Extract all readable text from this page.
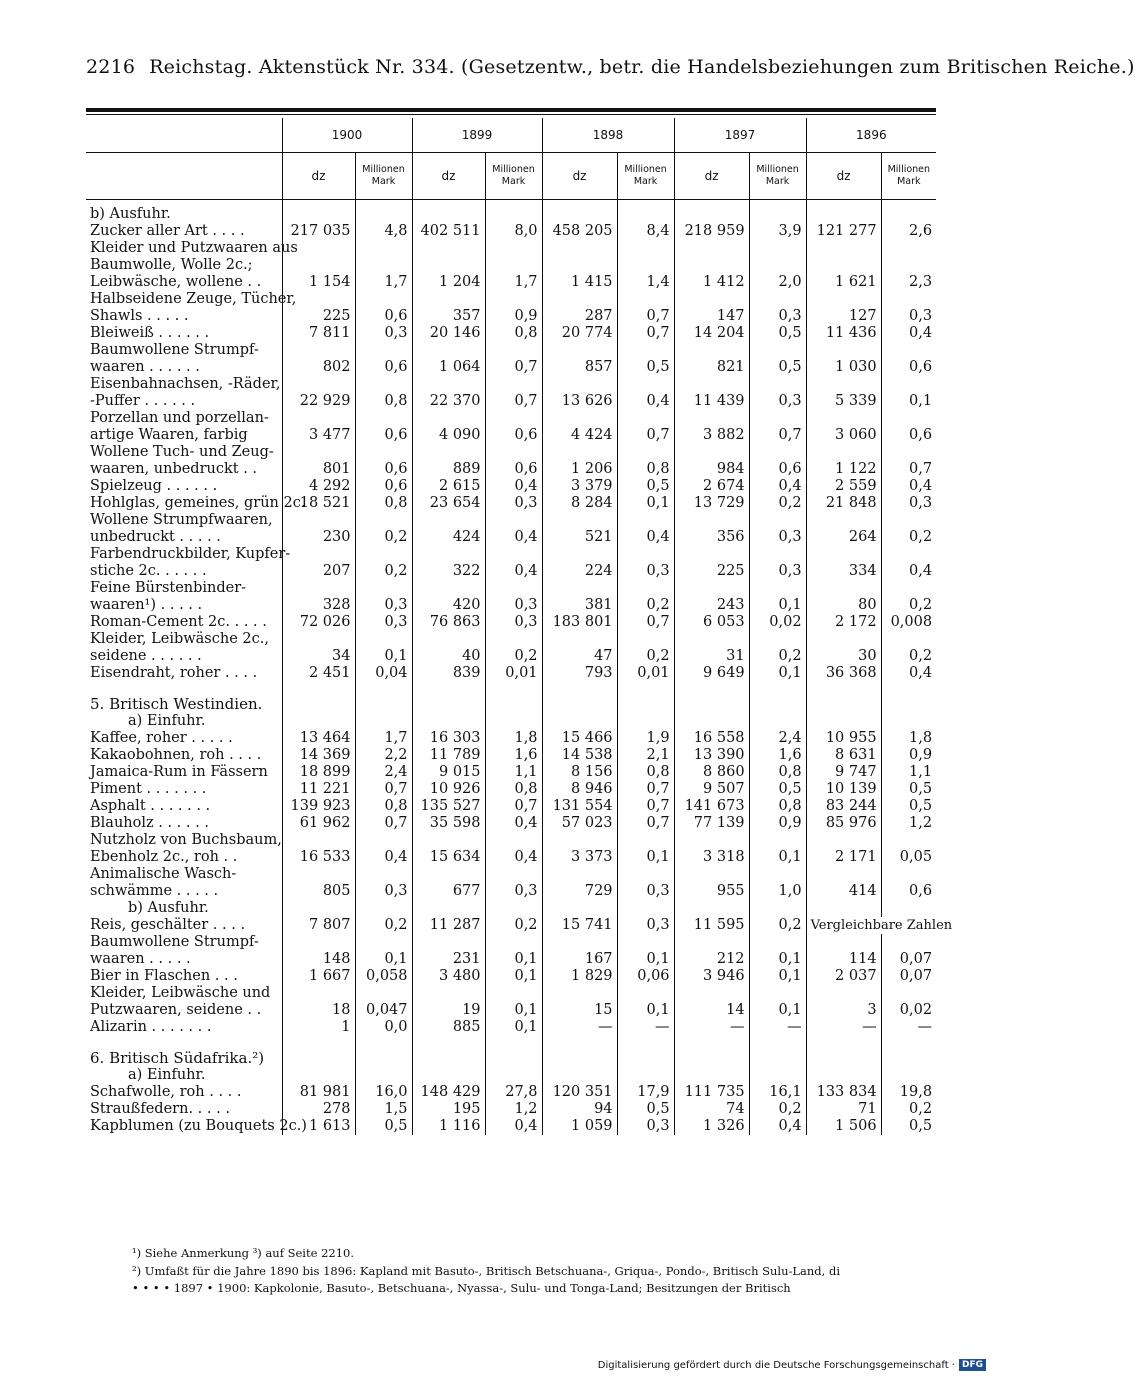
2216 Reichstag. Aktenstück Nr. 334. (Gesetzentw., betr. die Handelsbeziehungen zum Britischen Reiche.)
	1900		1899		1898		1897		1896	
	dz	Millionen Mark	dz	Millionen Mark	dz	Millionen Mark	dz	Millionen Mark	dz	Millionen Mark
b) Ausfuhr.										
Zucker aller Art . . . .	217 035	4,8	402 511	8,0	458 205	8,4	218 959	3,9	121 277	2,6
Kleider und Putzwaaren aus										
Baumwolle, Wolle 2c.;										
Leibwäsche, wollene . .	1 154	1,7	1 204	1,7	1 415	1,4	1 412	2,0	1 621	2,3
Halbseidene Zeuge, Tücher,										
Shawls . . . . .	225	0,6	357	0,9	287	0,7	147	0,3	127	0,3
Bleiweiß . . . . . .	7 811	0,3	20 146	0,8	20 774	0,7	14 204	0,5	11 436	0,4
Baumwollene Strumpf-										
waaren . . . . . .	802	0,6	1 064	0,7	857	0,5	821	0,5	1 030	0,6
Eisenbahnachsen, -Räder,										
-Puffer . . . . . .	22 929	0,8	22 370	0,7	13 626	0,4	11 439	0,3	5 339	0,1
Porzellan und porzellan-										
artige Waaren, farbig	3 477	0,6	4 090	0,6	4 424	0,7	3 882	0,7	3 060	0,6
Wollene Tuch- und Zeug-										
waaren, unbedruckt . .	801	0,6	889	0,6	1 206	0,8	984	0,6	1 122	0,7
Spielzeug . . . . . .	4 292	0,6	2 615	0,4	3 379	0,5	2 674	0,4	2 559	0,4
Hohlglas, gemeines, grün 2c.	18 521	0,8	23 654	0,3	8 284	0,1	13 729	0,2	21 848	0,3
Wollene Strumpfwaaren,										
unbedruckt . . . . .	230	0,2	424	0,4	521	0,4	356	0,3	264	0,2
Farbendruckbilder, Kupfer-										
stiche 2c. . . . . .	207	0,2	322	0,4	224	0,3	225	0,3	334	0,4
Feine Bürstenbinder-										
waaren¹) . . . . .	328	0,3	420	0,3	381	0,2	243	0,1	80	0,2
Roman-Cement 2c. . . . .	72 026	0,3	76 863	0,3	183 801	0,7	6 053	0,02	2 172	0,008
Kleider, Leibwäsche 2c.,										
seidene . . . . . .	34	0,1	40	0,2	47	0,2	31	0,2	30	0,2
Eisendraht, roher . . . .	2 451	0,04	839	0,01	793	0,01	9 649	0,1	36 368	0,4
5. Britisch Westindien.										
a) Einfuhr.										
Kaffee, roher . . . . .	13 464	1,7	16 303	1,8	15 466	1,9	16 558	2,4	10 955	1,8
Kakaobohnen, roh . . . .	14 369	2,2	11 789	1,6	14 538	2,1	13 390	1,6	8 631	0,9
Jamaica-Rum in Fässern	18 899	2,4	9 015	1,1	8 156	0,8	8 860	0,8	9 747	1,1
Piment . . . . . . .	11 221	0,7	10 926	0,8	8 946	0,7	9 507	0,5	10 139	0,5
Asphalt . . . . . . .	139 923	0,8	135 527	0,7	131 554	0,7	141 673	0,8	83 244	0,5
Blauholz . . . . . .	61 962	0,7	35 598	0,4	57 023	0,7	77 139	0,9	85 976	1,2
Nutzholz von Buchsbaum,										
Ebenholz 2c., roh . .	16 533	0,4	15 634	0,4	3 373	0,1	3 318	0,1	2 171	0,05
Animalische Wasch-										
schwämme . . . . .	805	0,3	677	0,3	729	0,3	955	1,0	414	0,6
b) Ausfuhr.										
Reis, geschälter . . . .	7 807	0,2	11 287	0,2	15 741	0,3	11 595	0,2	Vergleichbare Zahlen	
Baumwollene Strumpf-										
waaren . . . . .	148	0,1	231	0,1	167	0,1	212	0,1	114	0,07
Bier in Flaschen . . .	1 667	0,058	3 480	0,1	1 829	0,06	3 946	0,1	2 037	0,07
Kleider, Leibwäsche und										
Putzwaaren, seidene . .	18	0,047	19	0,1	15	0,1	14	0,1	3	0,02
Alizarin . . . . . . .	1	0,0	885	0,1	—	—	—	—	—	—
6. Britisch Südafrika.²)										
a) Einfuhr.										
Schafwolle, roh . . . .	81 981	16,0	148 429	27,8	120 351	17,9	111 735	16,1	133 834	19,8
Straußfedern. . . . .	278	1,5	195	1,2	94	0,5	74	0,2	71	0,2
Kapblumen (zu Bouquets 2c.)	1 613	0,5	1 116	0,4	1 059	0,3	1 326	0,4	1 506	0,5
¹) Siehe Anmerkung ³) auf Seite 2210.
²) Umfaßt für die Jahre 1890 bis 1896: Kapland mit Basuto-, Britisch Betschuana-, Griqua-, Pondo-, Britisch Sulu-Land, di
• • • • 1897 • 1900: Kapkolonie, Basuto-, Betschuana-, Nyassa-, Sulu- und Tonga-Land; Besitzungen der Britisch
Digitalisierung gefördert durch die Deutsche Forschungsgemeinschaft · DFG
